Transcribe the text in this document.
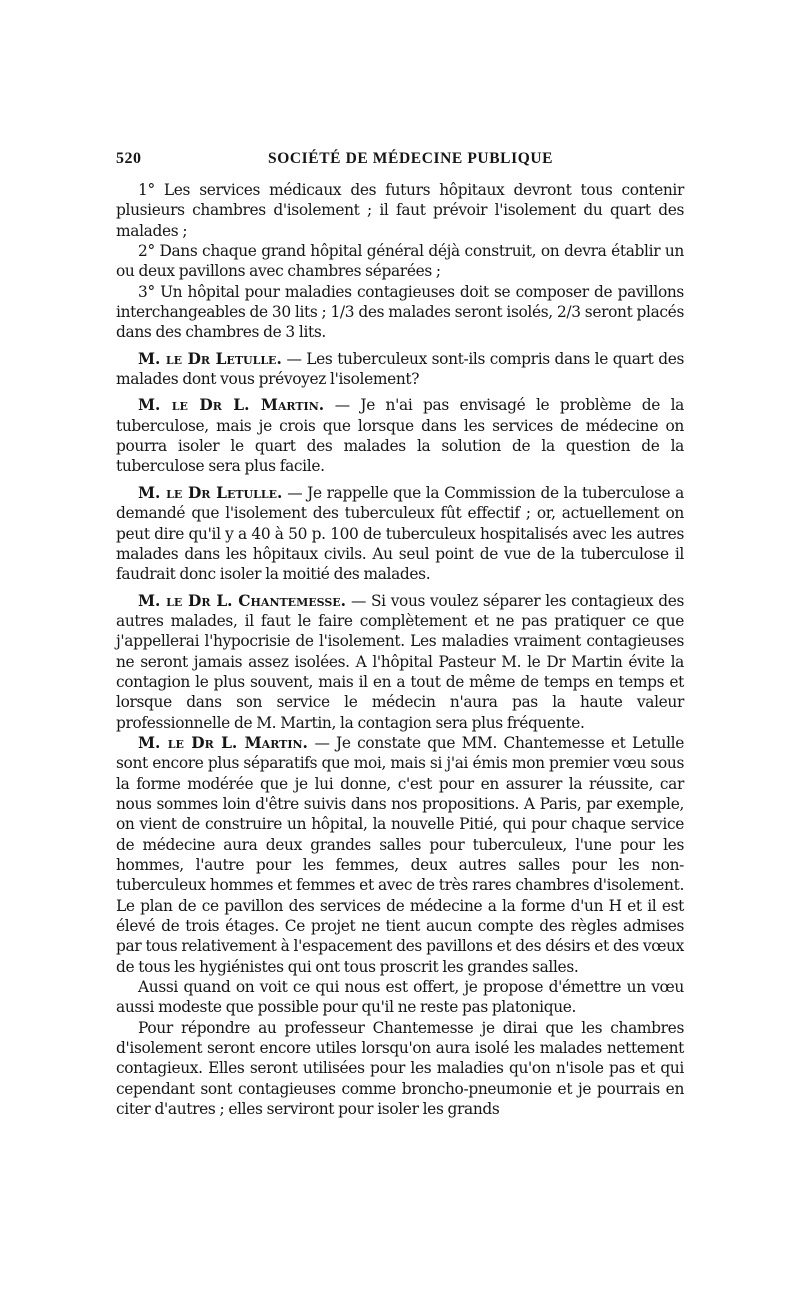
520	SOCIÉTÉ DE MÉDECINE PUBLIQUE

1° Les services médicaux des futurs hôpitaux devront tous contenir plusieurs chambres d'isolement ; il faut prévoir l'isolement du quart des malades ;

2° Dans chaque grand hôpital général déjà construit, on devra établir un ou deux pavillons avec chambres séparées ;

3° Un hôpital pour maladies contagieuses doit se composer de pavillons interchangeables de 30 lits ; 1/3 des malades seront isolés, 2/3 seront placés dans des chambres de 3 lits.

M. le Dr Letulle. — Les tuberculeux sont-ils compris dans le quart des malades dont vous prévoyez l'isolement?

M. le Dr L. Martin. — Je n'ai pas envisagé le problème de la tuberculose, mais je crois que lorsque dans les services de médecine on pourra isoler le quart des malades la solution de la question de la tuberculose sera plus facile.

M. le Dr Letulle. — Je rappelle que la Commission de la tuberculose a demandé que l'isolement des tuberculeux fût effectif ; or, actuellement on peut dire qu'il y a 40 à 50 p. 100 de tuberculeux hospitalisés avec les autres malades dans les hôpitaux civils. Au seul point de vue de la tuberculose il faudrait donc isoler la moitié des malades.

M. le Dr L. Chantemesse. — Si vous voulez séparer les contagieux des autres malades, il faut le faire complètement et ne pas pratiquer ce que j'appellerai l'hypocrisie de l'isolement. Les maladies vraiment contagieuses ne seront jamais assez isolées. A l'hôpital Pasteur M. le Dr Martin évite la contagion le plus souvent, mais il en a tout de même de temps en temps et lorsque dans son service le médecin n'aura pas la haute valeur professionnelle de M. Martin, la contagion sera plus fréquente.

M. le Dr L. Martin. — Je constate que MM. Chantemesse et Letulle sont encore plus séparatifs que moi, mais si j'ai émis mon premier vœu sous la forme modérée que je lui donne, c'est pour en assurer la réussite, car nous sommes loin d'être suivis dans nos propositions. A Paris, par exemple, on vient de construire un hôpital, la nouvelle Pitié, qui pour chaque service de médecine aura deux grandes salles pour tuberculeux, l'une pour les hommes, l'autre pour les femmes, deux autres salles pour les non-tuberculeux hommes et femmes et avec de très rares chambres d'isolement. Le plan de ce pavillon des services de médecine a la forme d'un H et il est élevé de trois étages. Ce projet ne tient aucun compte des règles admises par tous relativement à l'espacement des pavillons et des désirs et des vœux de tous les hygiénistes qui ont tous proscrit les grandes salles.

Aussi quand on voit ce qui nous est offert, je propose d'émettre un vœu aussi modeste que possible pour qu'il ne reste pas platonique.

Pour répondre au professeur Chantemesse je dirai que les chambres d'isolement seront encore utiles lorsqu'on aura isolé les malades nettement contagieux. Elles seront utilisées pour les maladies qu'on n'isole pas et qui cependant sont contagieuses comme broncho-pneumonie et je pourrais en citer d'autres ; elles serviront pour isoler les grands
